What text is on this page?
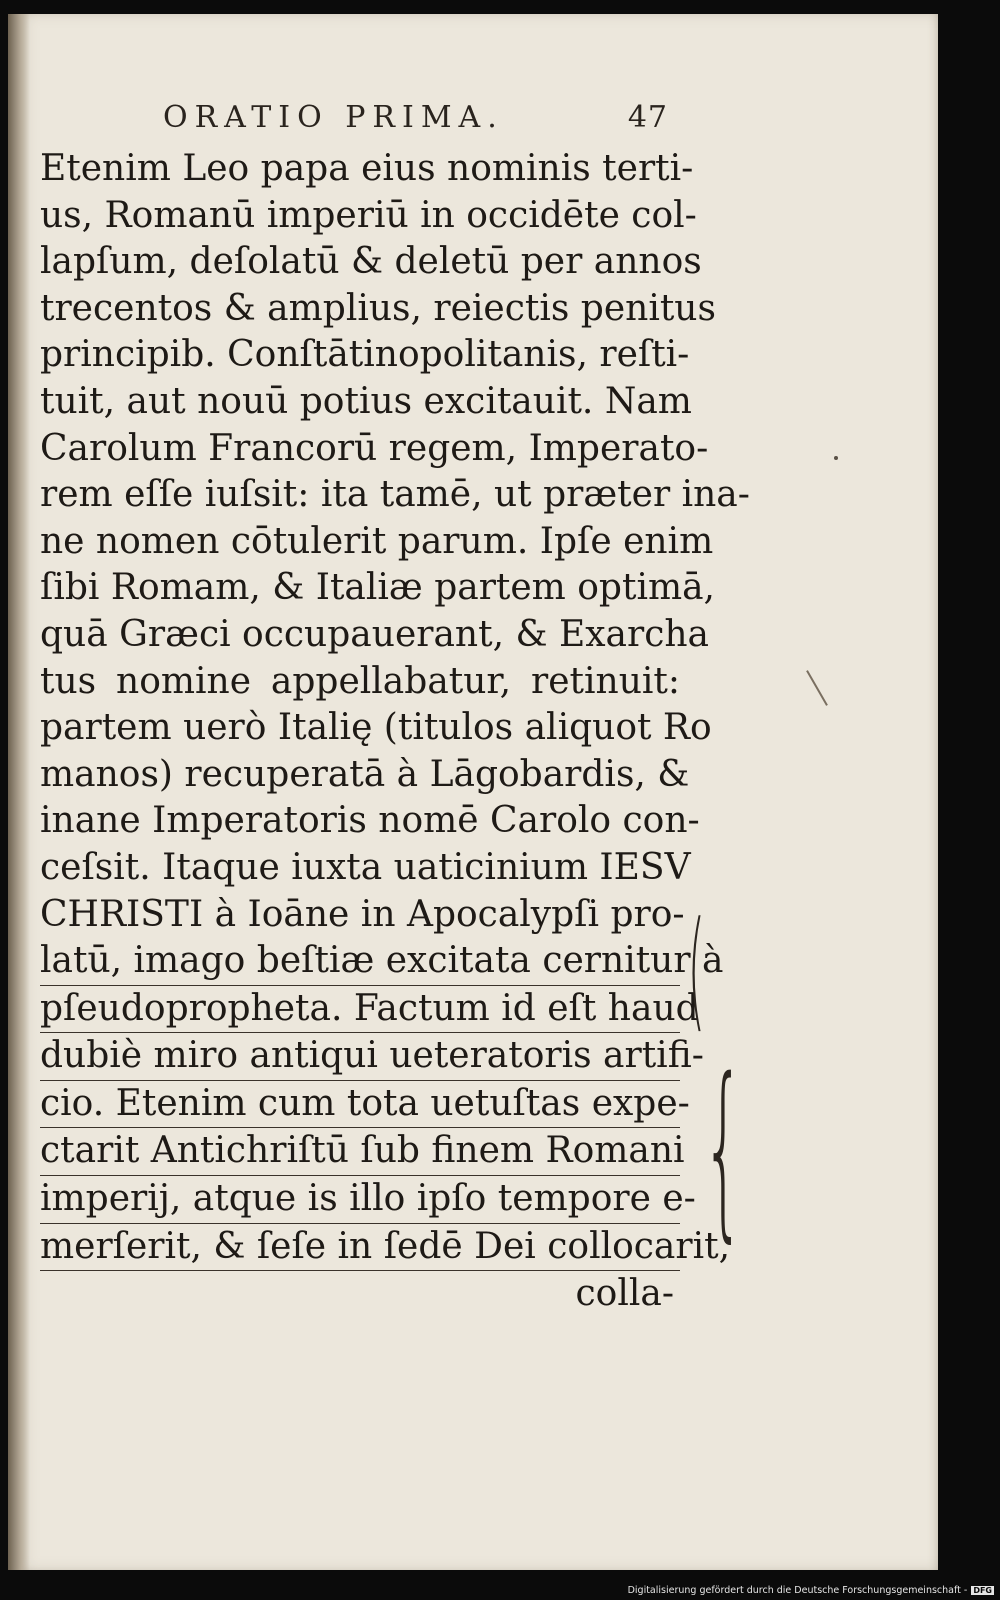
ORATIO PRIMA.	47
Etenim Leo papa eius nominis terti-
us, Romanū imperiū in occidēte col-
lapſum, deſolatū & deletū per annos
trecentos & amplius, reiectis penitus
principib. Conſtātinopolitanis, reſti-
tuit, aut nouū potius excitauit. Nam
Carolum Francorū regem, Imperato-
rem eſſe iuſsit: ita tamē, ut præter ina-
ne nomen cōtulerit parum. Ipſe enim
ſibi Romam, & Italiæ partem optimā,
quā Græci occupauerant, & Exarcha
tus nomine appellabatur, retinuit:
partem uerò Italię (titulos aliquot Ro
manos) recuperatā à Lāgobardis, &
inane Imperatoris nomē Carolo con-
ceſsit. Itaque iuxta uaticinium IESV
CHRISTI à Ioāne in Apocalypſi pro-
latū, imago beſtiæ excitata cernitur à
pſeudopropheta. Factum id eſt haud
dubiè miro antiqui ueteratoris artifi-
cio. Etenim cum tota uetuſtas expe-
ctarit Antichriſtū ſub finem Romani
imperij, atque is illo ipſo tempore e-
merſerit, & ſeſe in ſedē Dei collocarit,
colla-
(
{
Digitalisierung gefördert durch die Deutsche Forschungsgemeinschaft - DFG
